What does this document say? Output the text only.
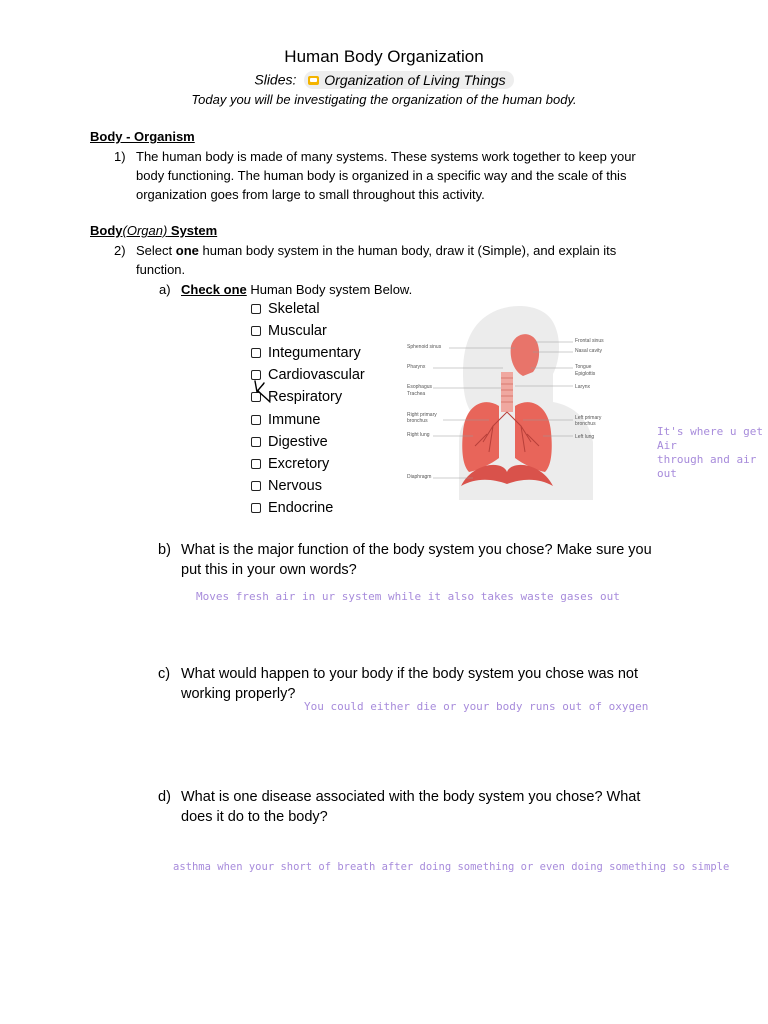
Human Body Organization
Slides: Organization of Living Things
Today you will be investigating the organization of the human body.
Body - Organism
1) The human body is made of many systems. These systems work together to keep your
body functioning. The human body is organized in a specific way and the scale of this
organization goes from large to small throughout this activity.
Body(Organ) System
2) Select one human body system in the human body, draw it (Simple), and explain its
function.
a) Check one Human Body system Below.
Skeletal
Muscular
Integumentary
Cardiovascular
Respiratory
Immune
Digestive
Excretory
Nervous
Endocrine
Sphenoid sinus
Pharynx
Esophagus
Trachea
Right primary
bronchus
Right lung
Diaphragm
Frontal sinus
Nasal cavity
Tongue
Epiglottis
Larynx
Left primary
bronchus
Left lung	It's where u get Air
through and air out
b) What is the major function of the body system you chose? Make sure you
put this in your own words?
Moves fresh air in ur system while it also takes waste gases out
c) What would happen to your body if the body system you chose was not
working properly?
You could either die or your body runs out of oxygen
d) What is one disease associated with the body system you chose? What
does it do to the body?
asthma when your short of breath after doing something or even doing something so simple
